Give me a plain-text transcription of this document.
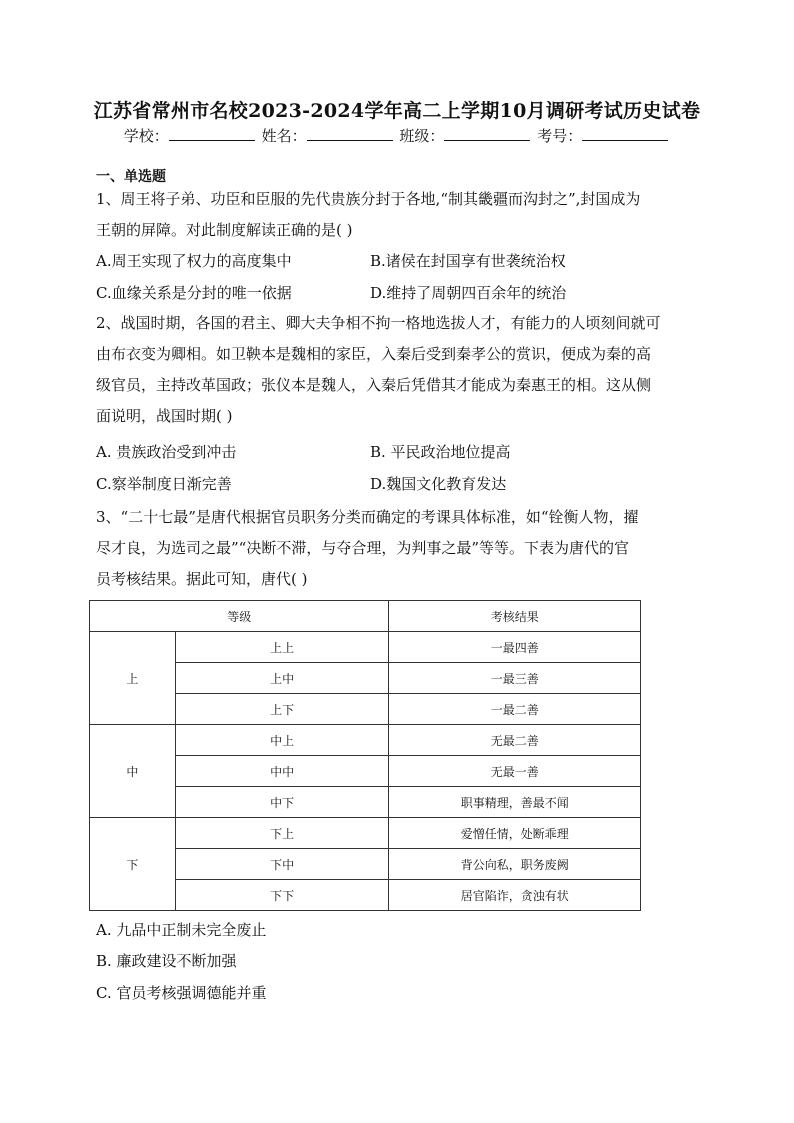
江苏省常州市名校2023-2024学年高二上学期10月调研考试历史试卷
学校：	姓名：	班级：	考号：
一、单选题
1、周王将子弟、功臣和臣服的先代贵族分封于各地,“制其畿疆而沟封之”,封国成为
王朝的屏障。对此制度解读正确的是( )
A.周王实现了权力的高度集中	B.诸侯在封国享有世袭统治权
C.血缘关系是分封的唯一依据	D.维持了周朝四百余年的统治
2、战国时期，各国的君主、卿大夫争相不拘一格地选拔人才，有能力的人顷刻间就可
由布衣变为卿相。如卫鞅本是魏相的家臣，入秦后受到秦孝公的赏识，便成为秦的高
级官员，主持改革国政；张仪本是魏人，入秦后凭借其才能成为秦惠王的相。这从侧
面说明，战国时期( )
A. 贵族政治受到冲击	B. 平民政治地位提高
C.察举制度日渐完善	D.魏国文化教育发达
3、“二十七最”是唐代根据官员职务分类而确定的考课具体标准，如“铨衡人物，擢
尽才良，为选司之最”“决断不滞，与夺合理，为判事之最”等等。下表为唐代的官
员考核结果。据此可知，唐代( )
等级		考核结果
上	上上	一最四善
	上中	一最三善
	上下	一最二善
中	中上	无最二善
	中中	无最一善
	中下	职事精理，善最不闻
下	下上	爱憎任情，处断乖理
	下中	背公向私，职务废阙
	下下	居官陷诈，贪浊有状
A. 九品中正制未完全废止
B. 廉政建设不断加强
C. 官员考核强调德能并重
